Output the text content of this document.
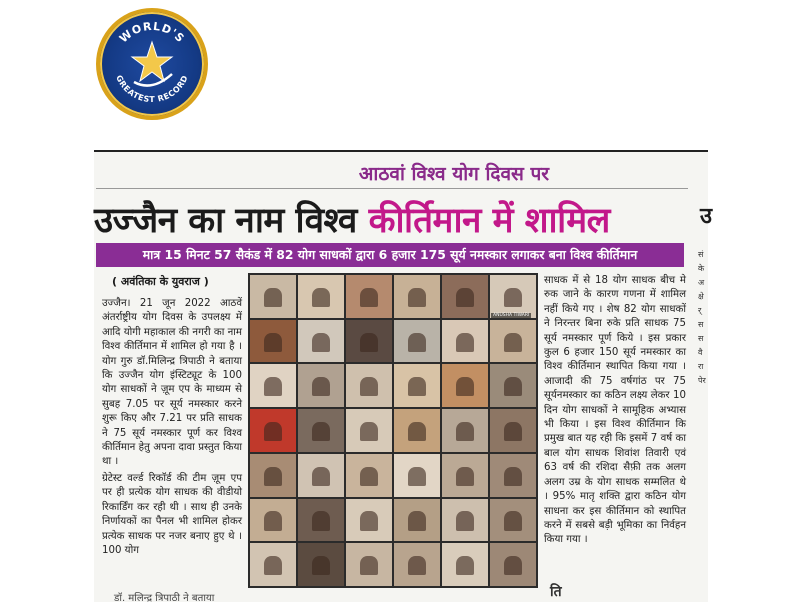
WORLD'S
GREATEST RECORD
आठवां विश्व योग दिवस पर
उज्जैन का नाम विश्व कीर्तिमान में शामिल
मात्र 15 मिनट 57 सैकंड में 82 योग साधकों द्वारा 6 हजार 175 सूर्य नमस्कार लगाकर बना विश्व कीर्तिमान
( अवंतिका के युवराज )

उज्जैन। 21 जून 2022 आठवें अंतर्राष्ट्रीय योग दिवस के उपलक्ष्य में आदि योगी महाकाल की नगरी का नाम विश्व कीर्तिमान में शामिल हो गया है । योग गुरु डॉ.मिलिन्द्र त्रिपाठी ने बताया कि उज्जैन योग इंस्टिट्यूट के 100 योग साधकों ने ज़ूम एप के माध्यम से सुबह 7.05 पर सूर्य नमस्कार करने शुरू किए और 7.21 पर प्रति साधक ने 75 सूर्य नमस्कार पूर्ण कर विश्व कीर्तिमान हेतु अपना दावा प्रस्तुत किया था ।

ग्रेटेस्ट वर्ल्ड रिकॉर्ड की टीम ज़ूम एप पर ही प्रत्येक योग साधक की वीडीयो रिकार्डिंग कर रही थी । साथ ही उनके निर्णायकों का पैनल भी शामिल होकर प्रत्येक साधक पर नजर बनाए हुए थे । 100 योग

ANUSHA TIWARI

साधक में से 18 योग साधक बीच मे रुक जाने के कारण गणना में शामिल नहीं किये गए । शेष 82 योग साधकों ने निरन्तर बिना रुके प्रति साधक 75 सूर्य नमस्कार पूर्ण किये । इस प्रकार कुल 6 हजार 150 सूर्य नमस्कार का विश्व कीर्तिमान स्थापित किया गया । आजादी की 75 वर्षगांठ पर 75 सूर्यनमस्कार का कठिन लक्ष्य लेकर 10 दिन योग साधकों ने सामूहिक अभ्यास भी किया । इस विश्व कीर्तिमान कि प्रमुख बात यह रही कि इसमें 7 वर्ष का बाल योग साधक शिवांश तिवारी एवं 63 वर्ष की रशिदा सैफ़ी तक अलग अलग उम्र के योग साधक सम्मलित थे । 95% मातृ शक्ति द्वारा कठिन योग साधना कर इस कीर्तिमान को स्थापित करने में सबसे बड़ी भूमिका का निर्वहन किया गया ।

उ
सं
के
अ
क्षे
र्
स
स
वै
रा
पेर
डॉ. मलिन्द्र त्रिपाठी ने बताया	ति
